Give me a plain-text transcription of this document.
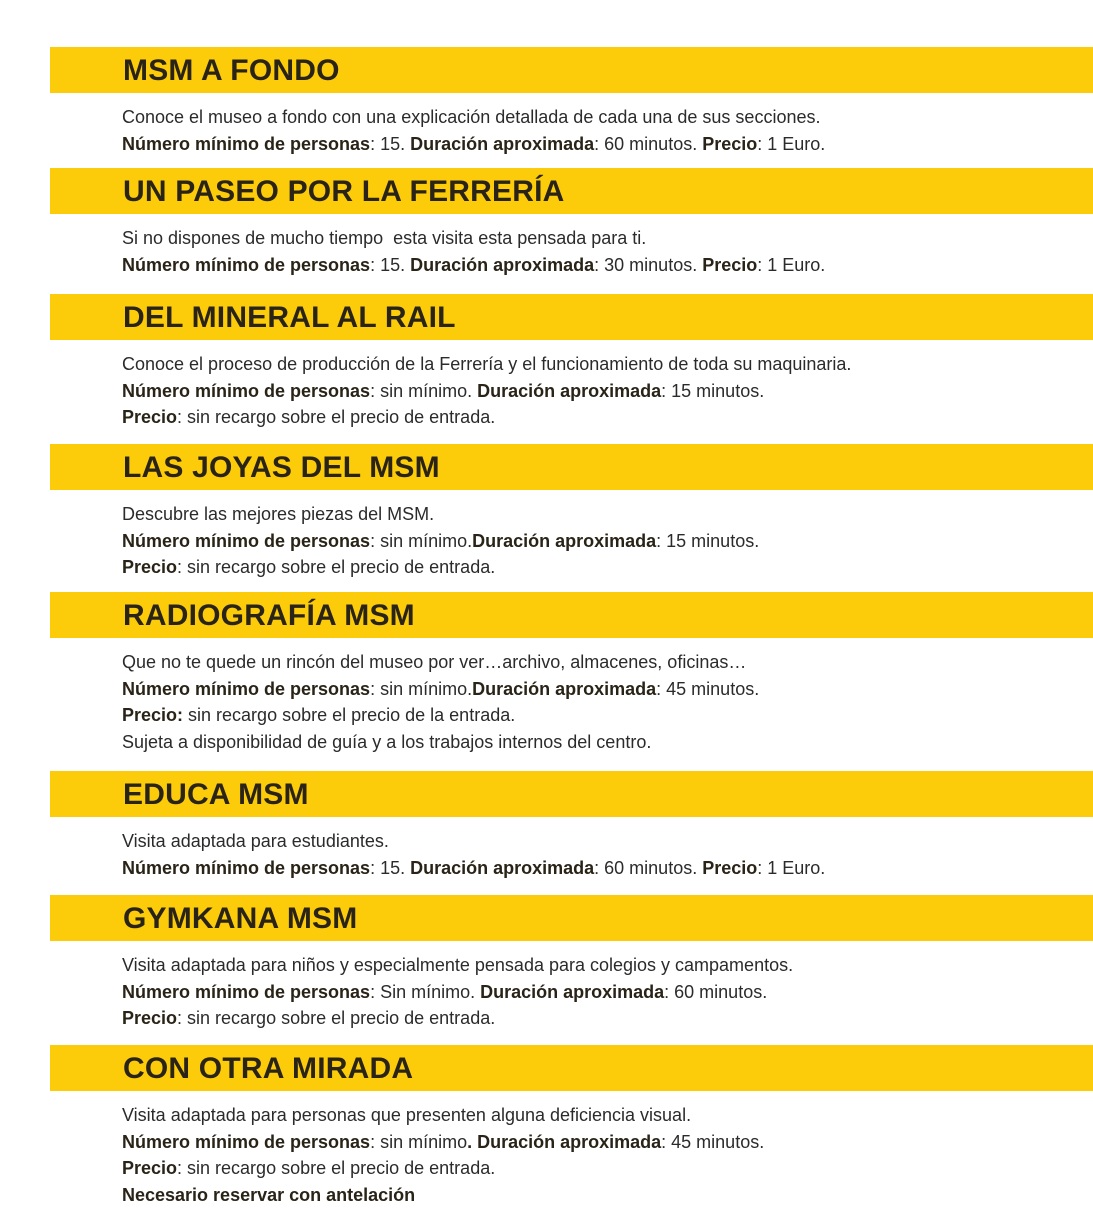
MSM A FONDO
Conoce el museo a fondo con una explicación detallada de cada una de sus secciones.
Número mínimo de personas: 15. Duración aproximada: 60 minutos. Precio: 1 Euro.
UN PASEO POR LA FERRERÍA
Si no dispones de mucho tiempo  esta visita esta pensada para ti.
Número mínimo de personas: 15. Duración aproximada: 30 minutos. Precio: 1 Euro.
DEL MINERAL AL RAIL
Conoce el proceso de producción de la Ferrería y el funcionamiento de toda su maquinaria.
Número mínimo de personas: sin mínimo. Duración aproximada: 15 minutos.
Precio: sin recargo sobre el precio de entrada.
LAS JOYAS DEL MSM
Descubre las mejores piezas del MSM.
Número mínimo de personas: sin mínimo.Duración aproximada: 15 minutos.
Precio: sin recargo sobre el precio de entrada.
RADIOGRAFÍA MSM
Que no te quede un rincón del museo por ver…archivo, almacenes, oficinas…
Número mínimo de personas: sin mínimo.Duración aproximada: 45 minutos.
Precio: sin recargo sobre el precio de la entrada.
Sujeta a disponibilidad de guía y a los trabajos internos del centro.
EDUCA MSM
Visita adaptada para estudiantes.
Número mínimo de personas: 15. Duración aproximada: 60 minutos. Precio: 1 Euro.
GYMKANA MSM
Visita adaptada para niños y especialmente pensada para colegios y campamentos.
Número mínimo de personas: Sin mínimo. Duración aproximada: 60 minutos.
Precio: sin recargo sobre el precio de entrada.
CON OTRA MIRADA
Visita adaptada para personas que presenten alguna deficiencia visual.
Número mínimo de personas: sin mínimo. Duración aproximada: 45 minutos.
Precio: sin recargo sobre el precio de entrada.
Necesario reservar con antelación
